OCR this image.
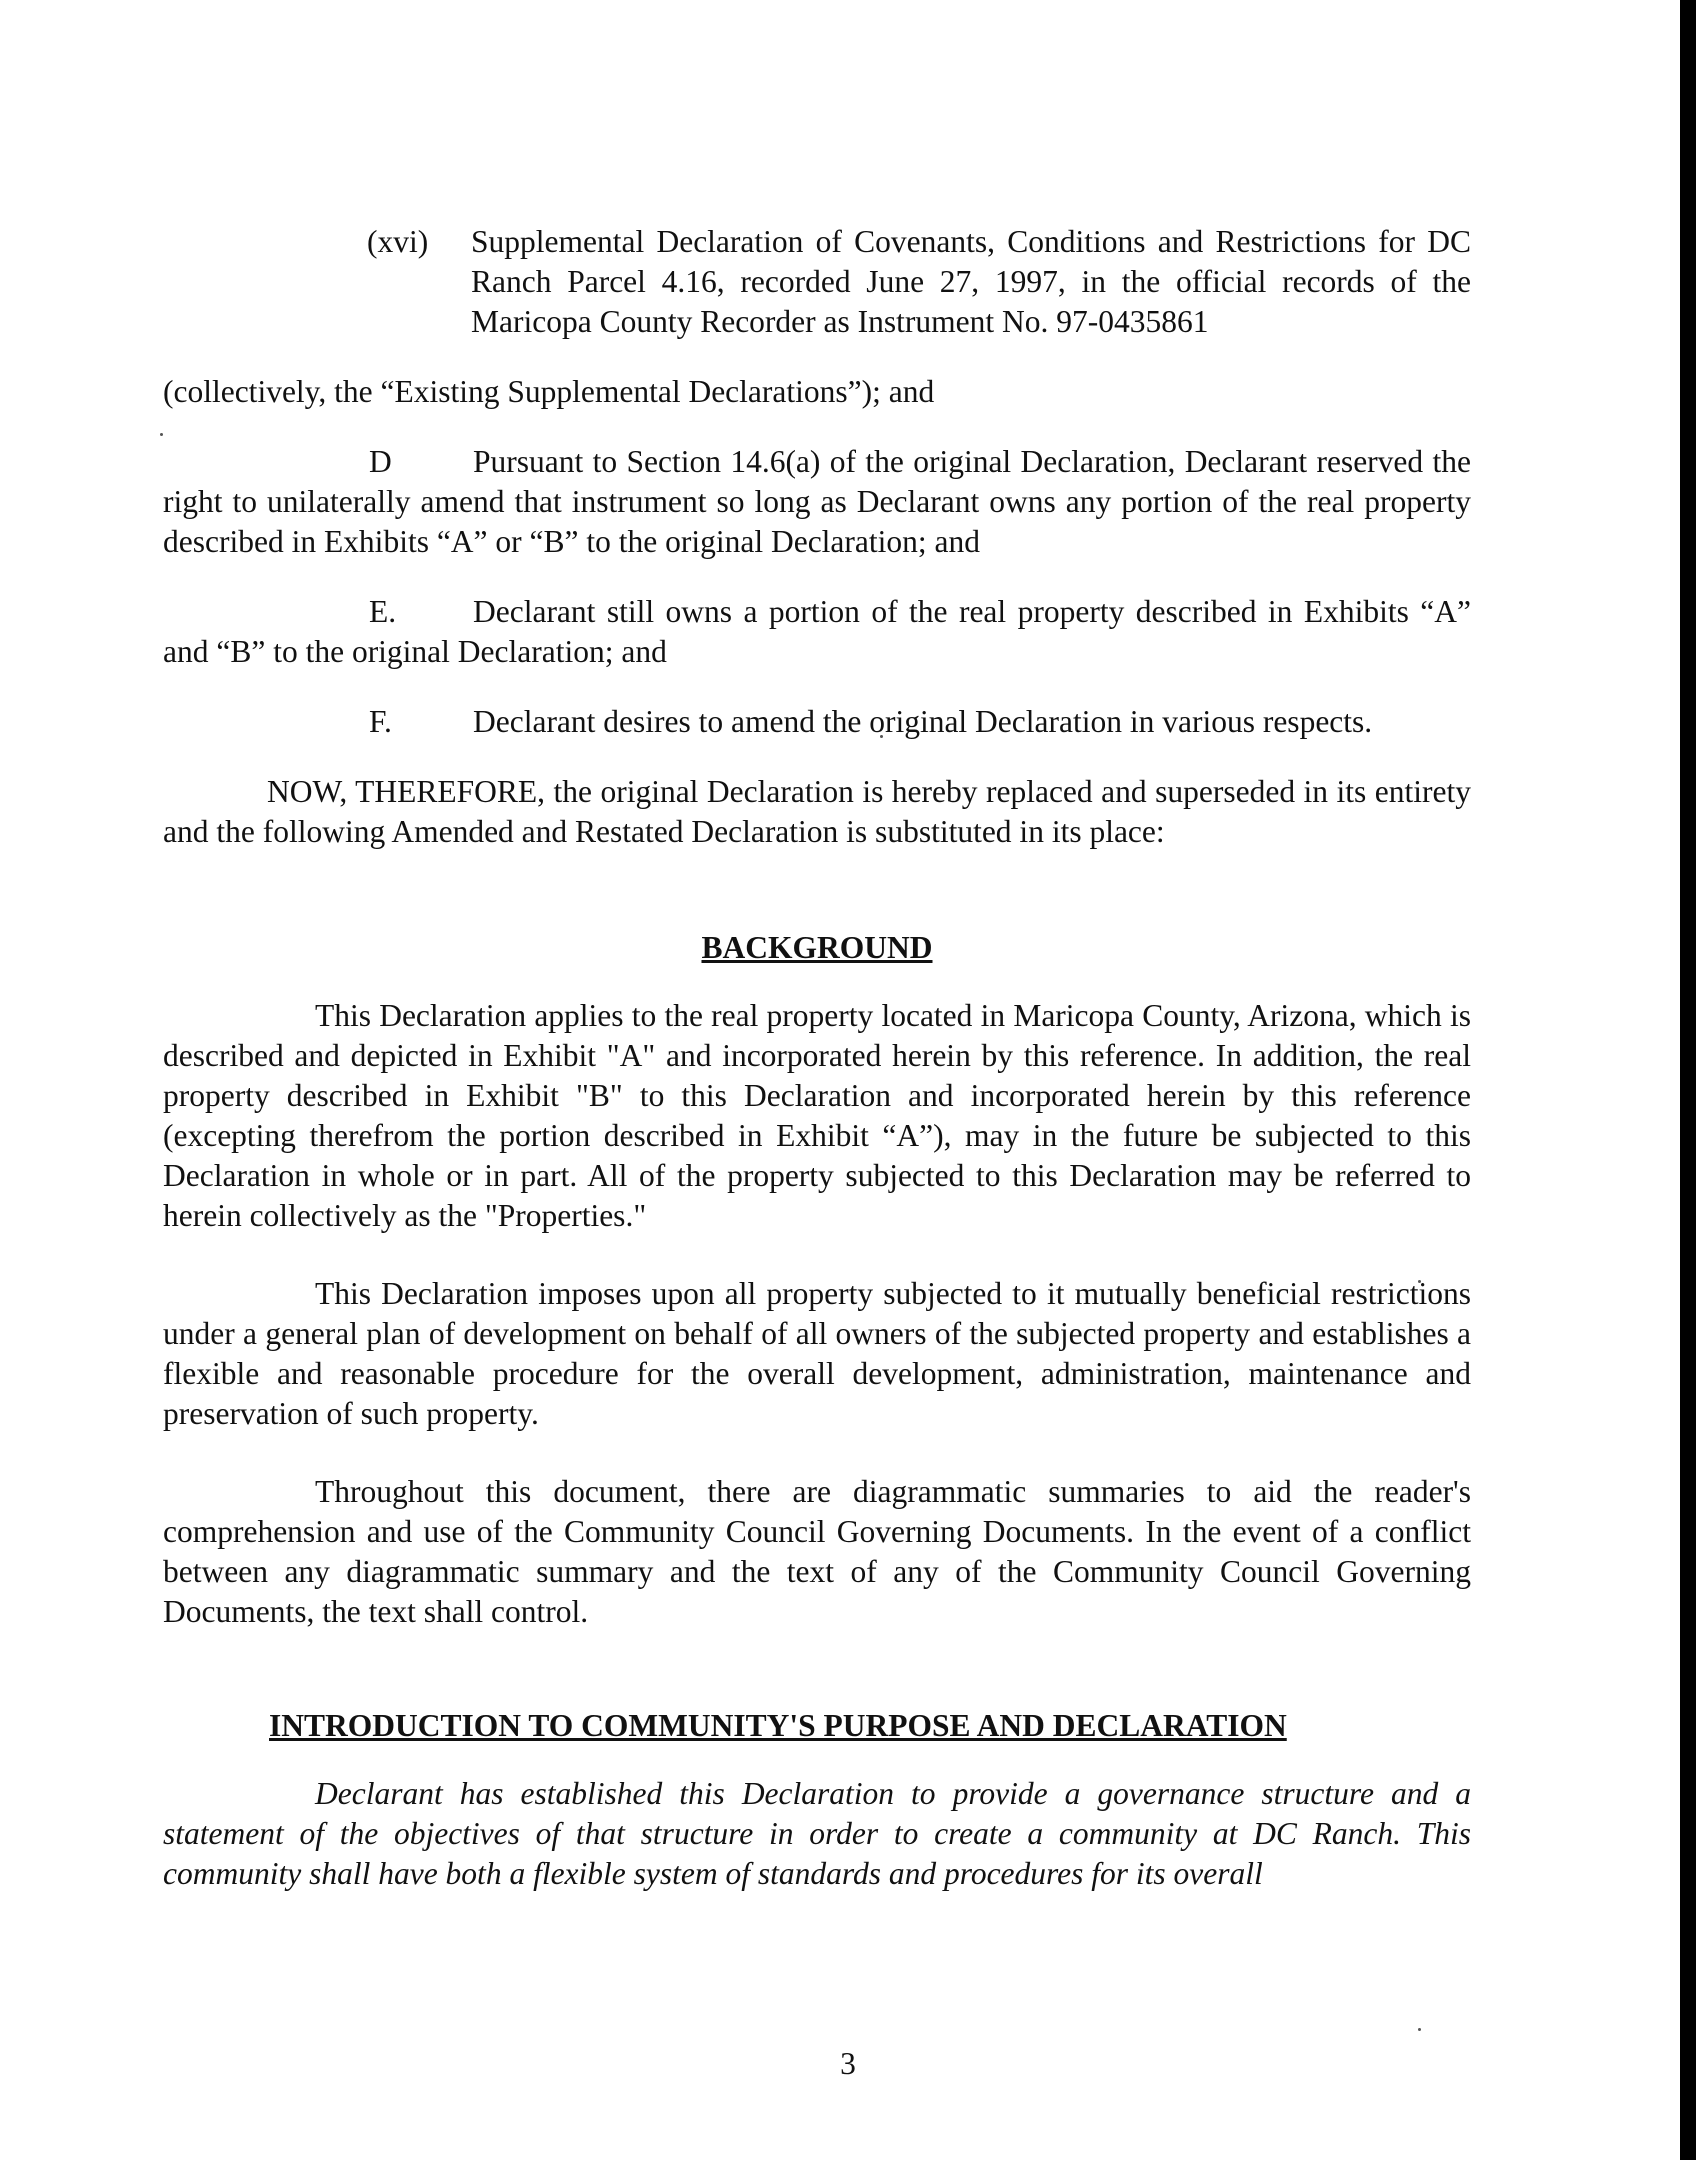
(xvi) Supplemental Declaration of Covenants, Conditions and Restrictions for DC Ranch Parcel 4.16, recorded June 27, 1997, in the official records of the Maricopa County Recorder as Instrument No. 97-0435861

(collectively, the “Existing Supplemental Declarations”); and

D	Pursuant to Section 14.6(a) of the original Declaration, Declarant reserved the right to unilaterally amend that instrument so long as Declarant owns any portion of the real property described in Exhibits “A” or “B” to the original Declaration; and

E. Declarant still owns a portion of the real property described in Exhibits “A” and “B” to the original Declaration; and

F.	Declarant desires to amend the original Declaration in various respects.

NOW, THEREFORE, the original Declaration is hereby replaced and superseded in its entirety and the following Amended and Restated Declaration is substituted in its place:

BACKGROUND

This Declaration applies to the real property located in Maricopa County, Arizona, which is described and depicted in Exhibit "A" and incorporated herein by this reference. In addition, the real property described in Exhibit "B" to this Declaration and incorporated herein by this reference (excepting therefrom the portion described in Exhibit “A”), may in the future be subjected to this Declaration in whole or in part. All of the property subjected to this Declaration may be referred to herein collectively as the "Properties."

This Declaration imposes upon all property subjected to it mutually beneficial restrictions under a general plan of development on behalf of all owners of the subjected property and establishes a flexible and reasonable procedure for the overall development, administration, maintenance and preservation of such property.

Throughout this document, there are diagrammatic summaries to aid the reader's comprehension and use of the Community Council Governing Documents. In the event of a conflict between any diagrammatic summary and the text of any of the Community Council Governing Documents, the text shall control.

INTRODUCTION TO COMMUNITY'S PURPOSE AND DECLARATION

Declarant has established this Declaration to provide a governance structure and a statement of the objectives of that structure in order to create a community at DC Ranch. This community shall have both a flexible system of standards and procedures for its overall

3
